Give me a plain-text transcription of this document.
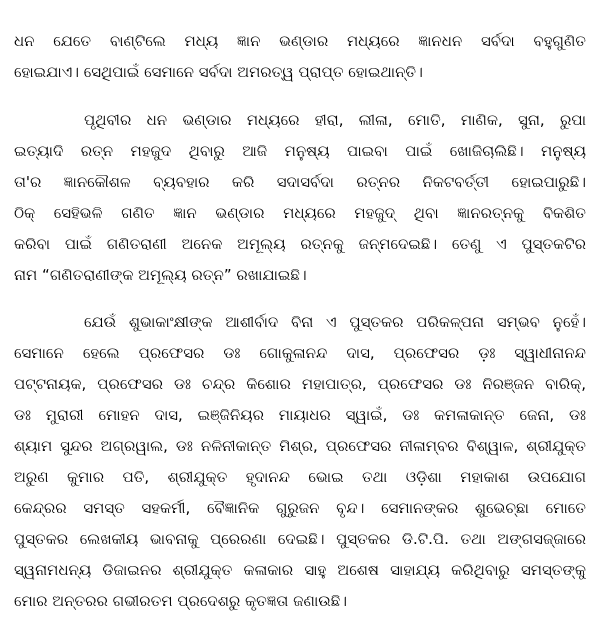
ଧନ ଯେତେ ବାଣ୍ଟିଲେ ମଧ୍ୟ ଜ୍ଞାନ ଭଣ୍ଡାର ମଧ୍ୟରେ ଜ୍ଞାନଧନ ସର୍ବଦା ବହୁଗୁଣିତ
ହୋଇଯାଏ। ସେଥିପାଇଁ ସେମାନେ ସର୍ବଦା ଅମରତ୍ୱ ପ୍ରାପ୍ତ ହୋଇଥାନ୍ତି।
ପୃଥିବୀର ଧନ ଭଣ୍ଡାର ମଧ୍ୟରେ ହୀରା, ଲୀଳା, ମୋତି, ମାଣିକ, ସୁନା, ରୁପା
ଇତ୍ୟାଦି ରତ୍ନ ମହଜୁଦ ଥିବାରୁ ଆଜି ମନୁଷ୍ୟ ପାଇବା ପାଇଁ ଖୋଜିଚାଲିଛି। ମନୁଷ୍ୟ
ତା'ର ଜ୍ଞାନକୌଶଳ ବ୍ୟବହାର କରି ସଦାସର୍ବଦା ରତ୍ନର ନିକଟବର୍ତ୍ତୀ ହୋଇପାରୁଛି।
ଠିକ୍ ସେହିଭଳି ଗଣିତ ଜ୍ଞାନ ଭଣ୍ଡାର ମଧ୍ୟରେ ମହଜୁଦ୍ ଥିବା ଜ୍ଞାନରତ୍ନକୁ ବିକଶିତ
କରିବା ପାଇଁ ଗଣିତରାଣୀ ଅନେକ ଅମୂଲ୍ୟ ରତ୍ନକୁ ଜନ୍ମଦେଇଛି। ତେଣୁ ଏ ପୁସ୍ତକଟିର
ନାମ “ଗଣିତରାଣୀଙ୍କ ଅମୂଲ୍ୟ ରତ୍ନ” ରଖାଯାଇଛି।
ଯେଉଁ ଶୁଭାକାଂକ୍ଷୀଙ୍କ ଆଶୀର୍ବାଦ ବିନା ଏ ପୁସ୍ତକର ପରିକଳ୍ପନା ସମ୍ଭବ ନୁହେଁ।
ସେମାନେ ହେଲେ ପ୍ରଫେସର ଡଃ ଗୋକୁଳାନନ୍ଦ ଦାସ, ପ୍ରଫେସର ଡ଼ଃ ସ୍ୱାଧୀନାନନ୍ଦ
ପଟ୍ଟନାୟକ, ପ୍ରଫେସର ଡଃ ଚନ୍ଦ୍ର କିଶୋର ମହାପାତ୍ର, ପ୍ରଫେସର ଡଃ ନିରଞ୍ଜନ ବାରିକ୍,
ଡଃ ମୁରାରୀ ମୋହନ ଦାସ, ଇଞ୍ଜିନିୟର ମାୟାଧର ସ୍ୱାଇଁ, ଡଃ କମଳାକାନ୍ତ ଜେନା, ଡଃ
ଶ୍ୟାମ ସୁନ୍ଦର ଅଗ୍ରୱାଲ, ଡଃ ନଳିନୀକାନ୍ତ ମିଶ୍ର, ପ୍ରଫେସର ନୀଳାମ୍ବର ବିଶ୍ୱାଳ, ଶ୍ରୀଯୁକ୍ତ
ଅରୁଣ କୁମାର ପତି, ଶ୍ରୀଯୁକ୍ତ ହୃଦାନନ୍ଦ ଭୋଇ ତଥା ଓଡ଼ିଶା ମହାକାଶ ଉପଯୋଗ
କେନ୍ଦ୍ରର ସମସ୍ତ ସହକର୍ମୀ, ବୈଜ୍ଞାନିକ ଗୁରୁଜନ ବୃନ୍ଦ। ସେମାନଙ୍କର ଶୁଭେଚ୍ଛା ମୋତେ
ପୁସ୍ତକର ଲେଖକୀୟ ଭାବନାକୁ ପ୍ରେରଣା ଦେଇଛି। ପୁସ୍ତକର ଡି.ଟି.ପି. ତଥା ଅଙ୍ଗସଜ୍ଜାରେ
ସ୍ୱନାମଧନ୍ୟ ଡିଜାଇନର ଶ୍ରୀଯୁକ୍ତ କଳାକାର ସାହୁ ଅଶେଷ ସାହାଯ୍ୟ କରିଥିବାରୁ ସମସ୍ତଙ୍କୁ
ମୋର ଅନ୍ତରର ଗଭୀରତମ ପ୍ରଦେଶରୁ କୃତଜ୍ଞତା ଜଣାଉଛି।
